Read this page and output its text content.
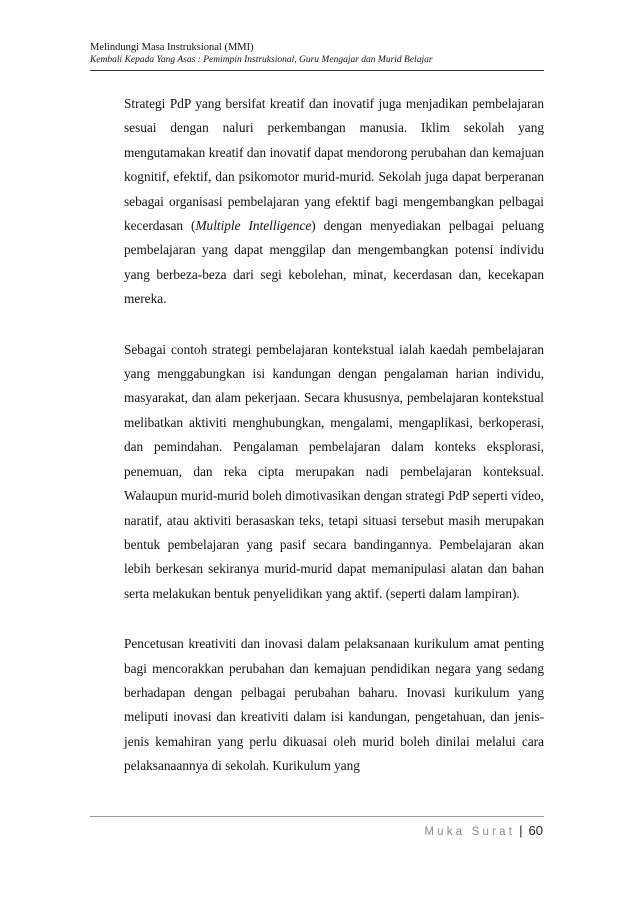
Melindungi Masa Instruksional (MMI)
Kembali Kepada Yang Asas : Pemimpin Instruksional, Guru Mengajar dan Murid Belajar

Strategi PdP yang bersifat kreatif dan inovatif juga menjadikan pembelajaran sesuai dengan naluri perkembangan manusia. Iklim sekolah yang mengutamakan kreatif dan inovatif dapat mendorong perubahan dan kemajuan kognitif, efektif, dan psikomotor murid-murid. Sekolah juga dapat berperanan sebagai organisasi pembelajaran yang efektif bagi mengembangkan pelbagai kecerdasan (Multiple Intelligence) dengan menyediakan pelbagai peluang pembelajaran yang dapat menggilap dan mengembangkan potensi individu yang berbeza-beza dari segi kebolehan, minat, kecerdasan dan, kecekapan mereka.

Sebagai contoh strategi pembelajaran kontekstual ialah kaedah pembelajaran yang menggabungkan isi kandungan dengan pengalaman harian individu, masyarakat, dan alam pekerjaan. Secara khususnya, pembelajaran kontekstual melibatkan aktiviti menghubungkan, mengalami, mengaplikasi, berkoperasi, dan pemindahan. Pengalaman pembelajaran dalam konteks eksplorasi, penemuan, dan reka cipta merupakan nadi pembelajaran konteksual. Walaupun murid-murid boleh dimotivasikan dengan strategi PdP seperti video, naratif, atau aktiviti berasaskan teks, tetapi situasi tersebut masih merupakan bentuk pembelajaran yang pasif secara bandingannya. Pembelajaran akan lebih berkesan sekiranya murid-murid dapat memanipulasi alatan dan bahan serta melakukan bentuk penyelidikan yang aktif. (seperti dalam lampiran).

Pencetusan kreativiti dan inovasi dalam pelaksanaan kurikulum amat penting bagi mencorakkan perubahan dan kemajuan pendidikan negara yang sedang berhadapan dengan pelbagai perubahan baharu. Inovasi kurikulum yang meliputi inovasi dan kreativiti dalam isi kandungan, pengetahuan, dan jenis-jenis kemahiran yang perlu dikuasai oleh murid boleh dinilai melalui cara pelaksanaannya di sekolah. Kurikulum yang

Muka Surat | 60
